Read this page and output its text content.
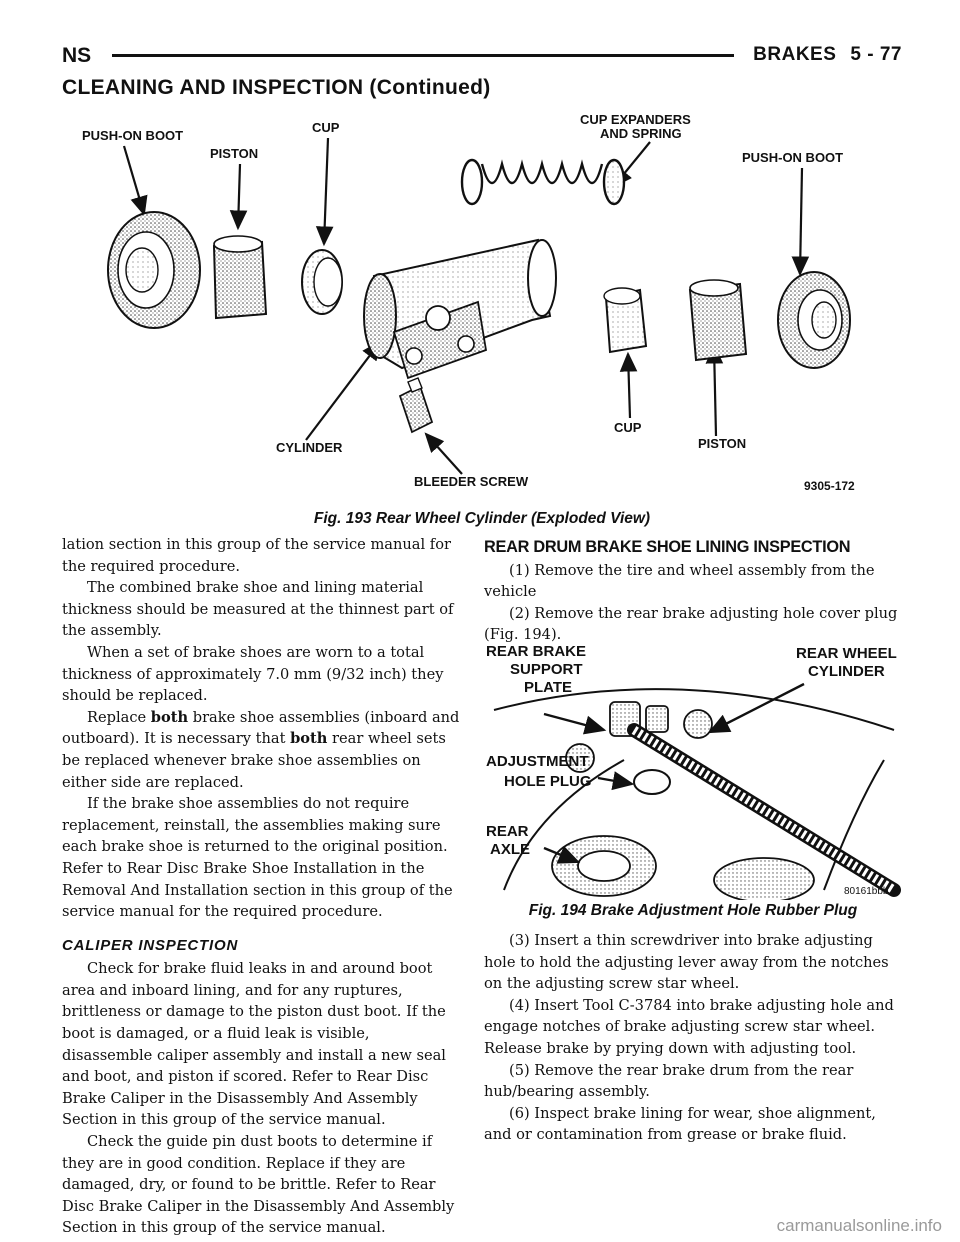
NS	BRAKES 5 - 77
CLEANING AND INSPECTION (Continued)
PUSH-ON BOOT
PISTON
CUP
CUP EXPANDERS
AND SPRING
PUSH-ON BOOT
CYLINDER
BLEEDER SCREW
CUP
PISTON
9305-172
Fig. 193 Rear Wheel Cylinder (Exploded View)

lation section in this group of the service manual for the required procedure.

The combined brake shoe and lining material thickness should be measured at the thinnest part of the assembly.

When a set of brake shoes are worn to a total thickness of approximately 7.0 mm (9/32 inch) they should be replaced.

Replace both brake shoe assemblies (inboard and outboard). It is necessary that both rear wheel sets be replaced whenever brake shoe assemblies on either side are replaced.

If the brake shoe assemblies do not require replacement, reinstall, the assemblies making sure each brake shoe is returned to the original position. Refer to Rear Disc Brake Shoe Installation in the Removal And Installation section in this group of the service manual for the required procedure.

CALIPER INSPECTION

Check for brake fluid leaks in and around boot area and inboard lining, and for any ruptures, brittleness or damage to the piston dust boot. If the boot is damaged, or a fluid leak is visible, disassemble caliper assembly and install a new seal and boot, and piston if scored. Refer to Rear Disc Brake Caliper in the Disassembly And Assembly Section in this group of the service manual.

Check the guide pin dust boots to determine if they are in good condition. Replace if they are damaged, dry, or found to be brittle. Refer to Rear Disc Brake Caliper in the Disassembly And Assembly Section in this group of the service manual.

REAR DRUM BRAKE SHOE LINING INSPECTION

(1) Remove the tire and wheel assembly from the vehicle

(2) Remove the rear brake adjusting hole cover plug (Fig. 194).

REAR BRAKE
SUPPORT
PLATE
REAR WHEEL
CYLINDER
ADJUSTMENT
HOLE PLUG
REAR
AXLE
80161bbb
Fig. 194 Brake Adjustment Hole Rubber Plug

(3) Insert a thin screwdriver into brake adjusting hole to hold the adjusting lever away from the notches on the adjusting screw star wheel.

(4) Insert Tool C-3784 into brake adjusting hole and engage notches of brake adjusting screw star wheel. Release brake by prying down with adjusting tool.

(5) Remove the rear brake drum from the rear hub/bearing assembly.

(6) Inspect brake lining for wear, shoe alignment, and or contamination from grease or brake fluid.

carmanualsonline.info
